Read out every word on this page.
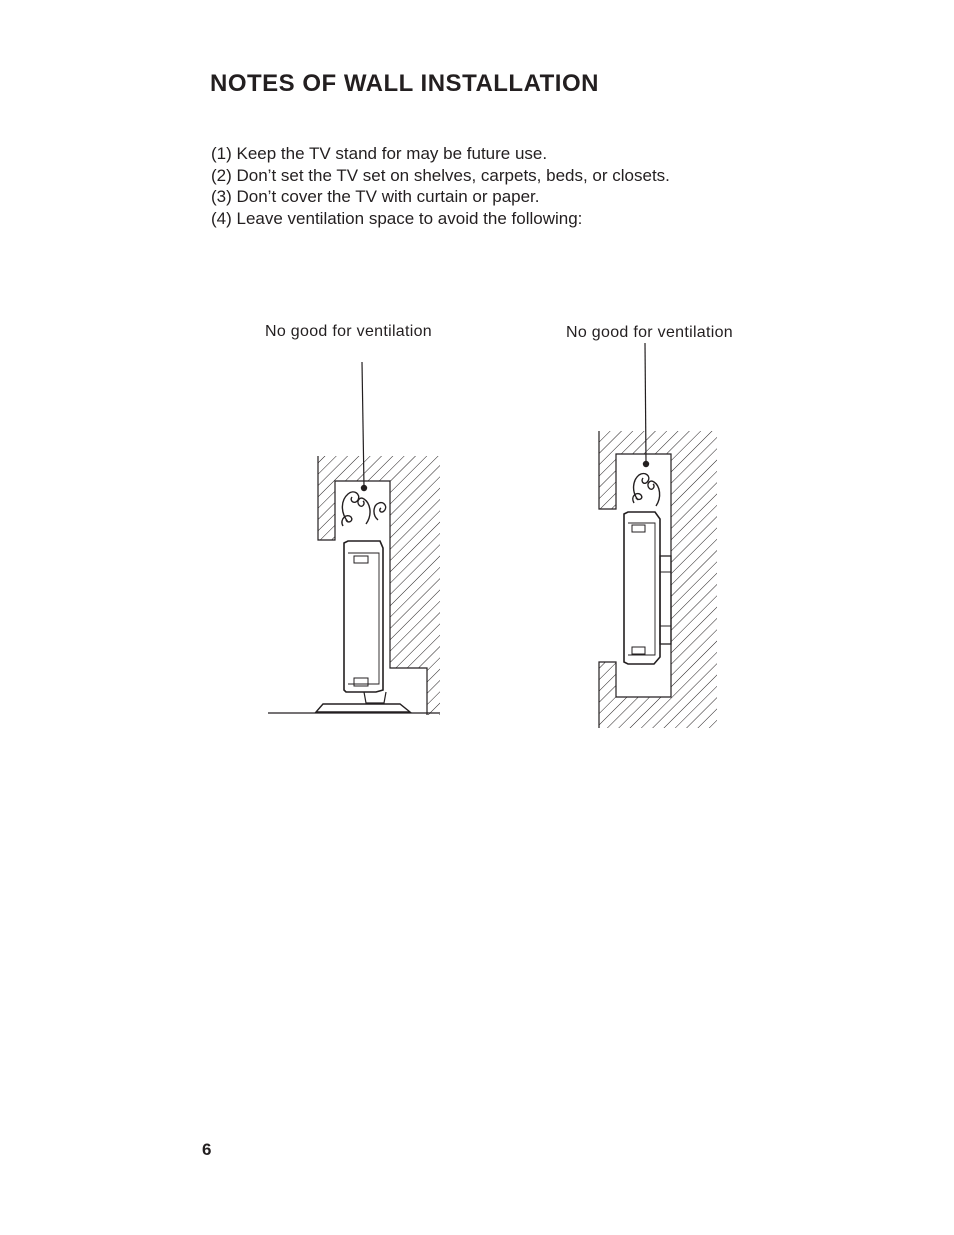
NOTES OF WALL INSTALLATION
(1) Keep the TV stand for may be future use.
(2) Don’t set the TV set on shelves, carpets, beds, or closets.
(3) Don’t cover the TV with curtain or paper.
(4) Leave ventilation space to avoid the following:
No good for ventilation	No good for ventilation
6
